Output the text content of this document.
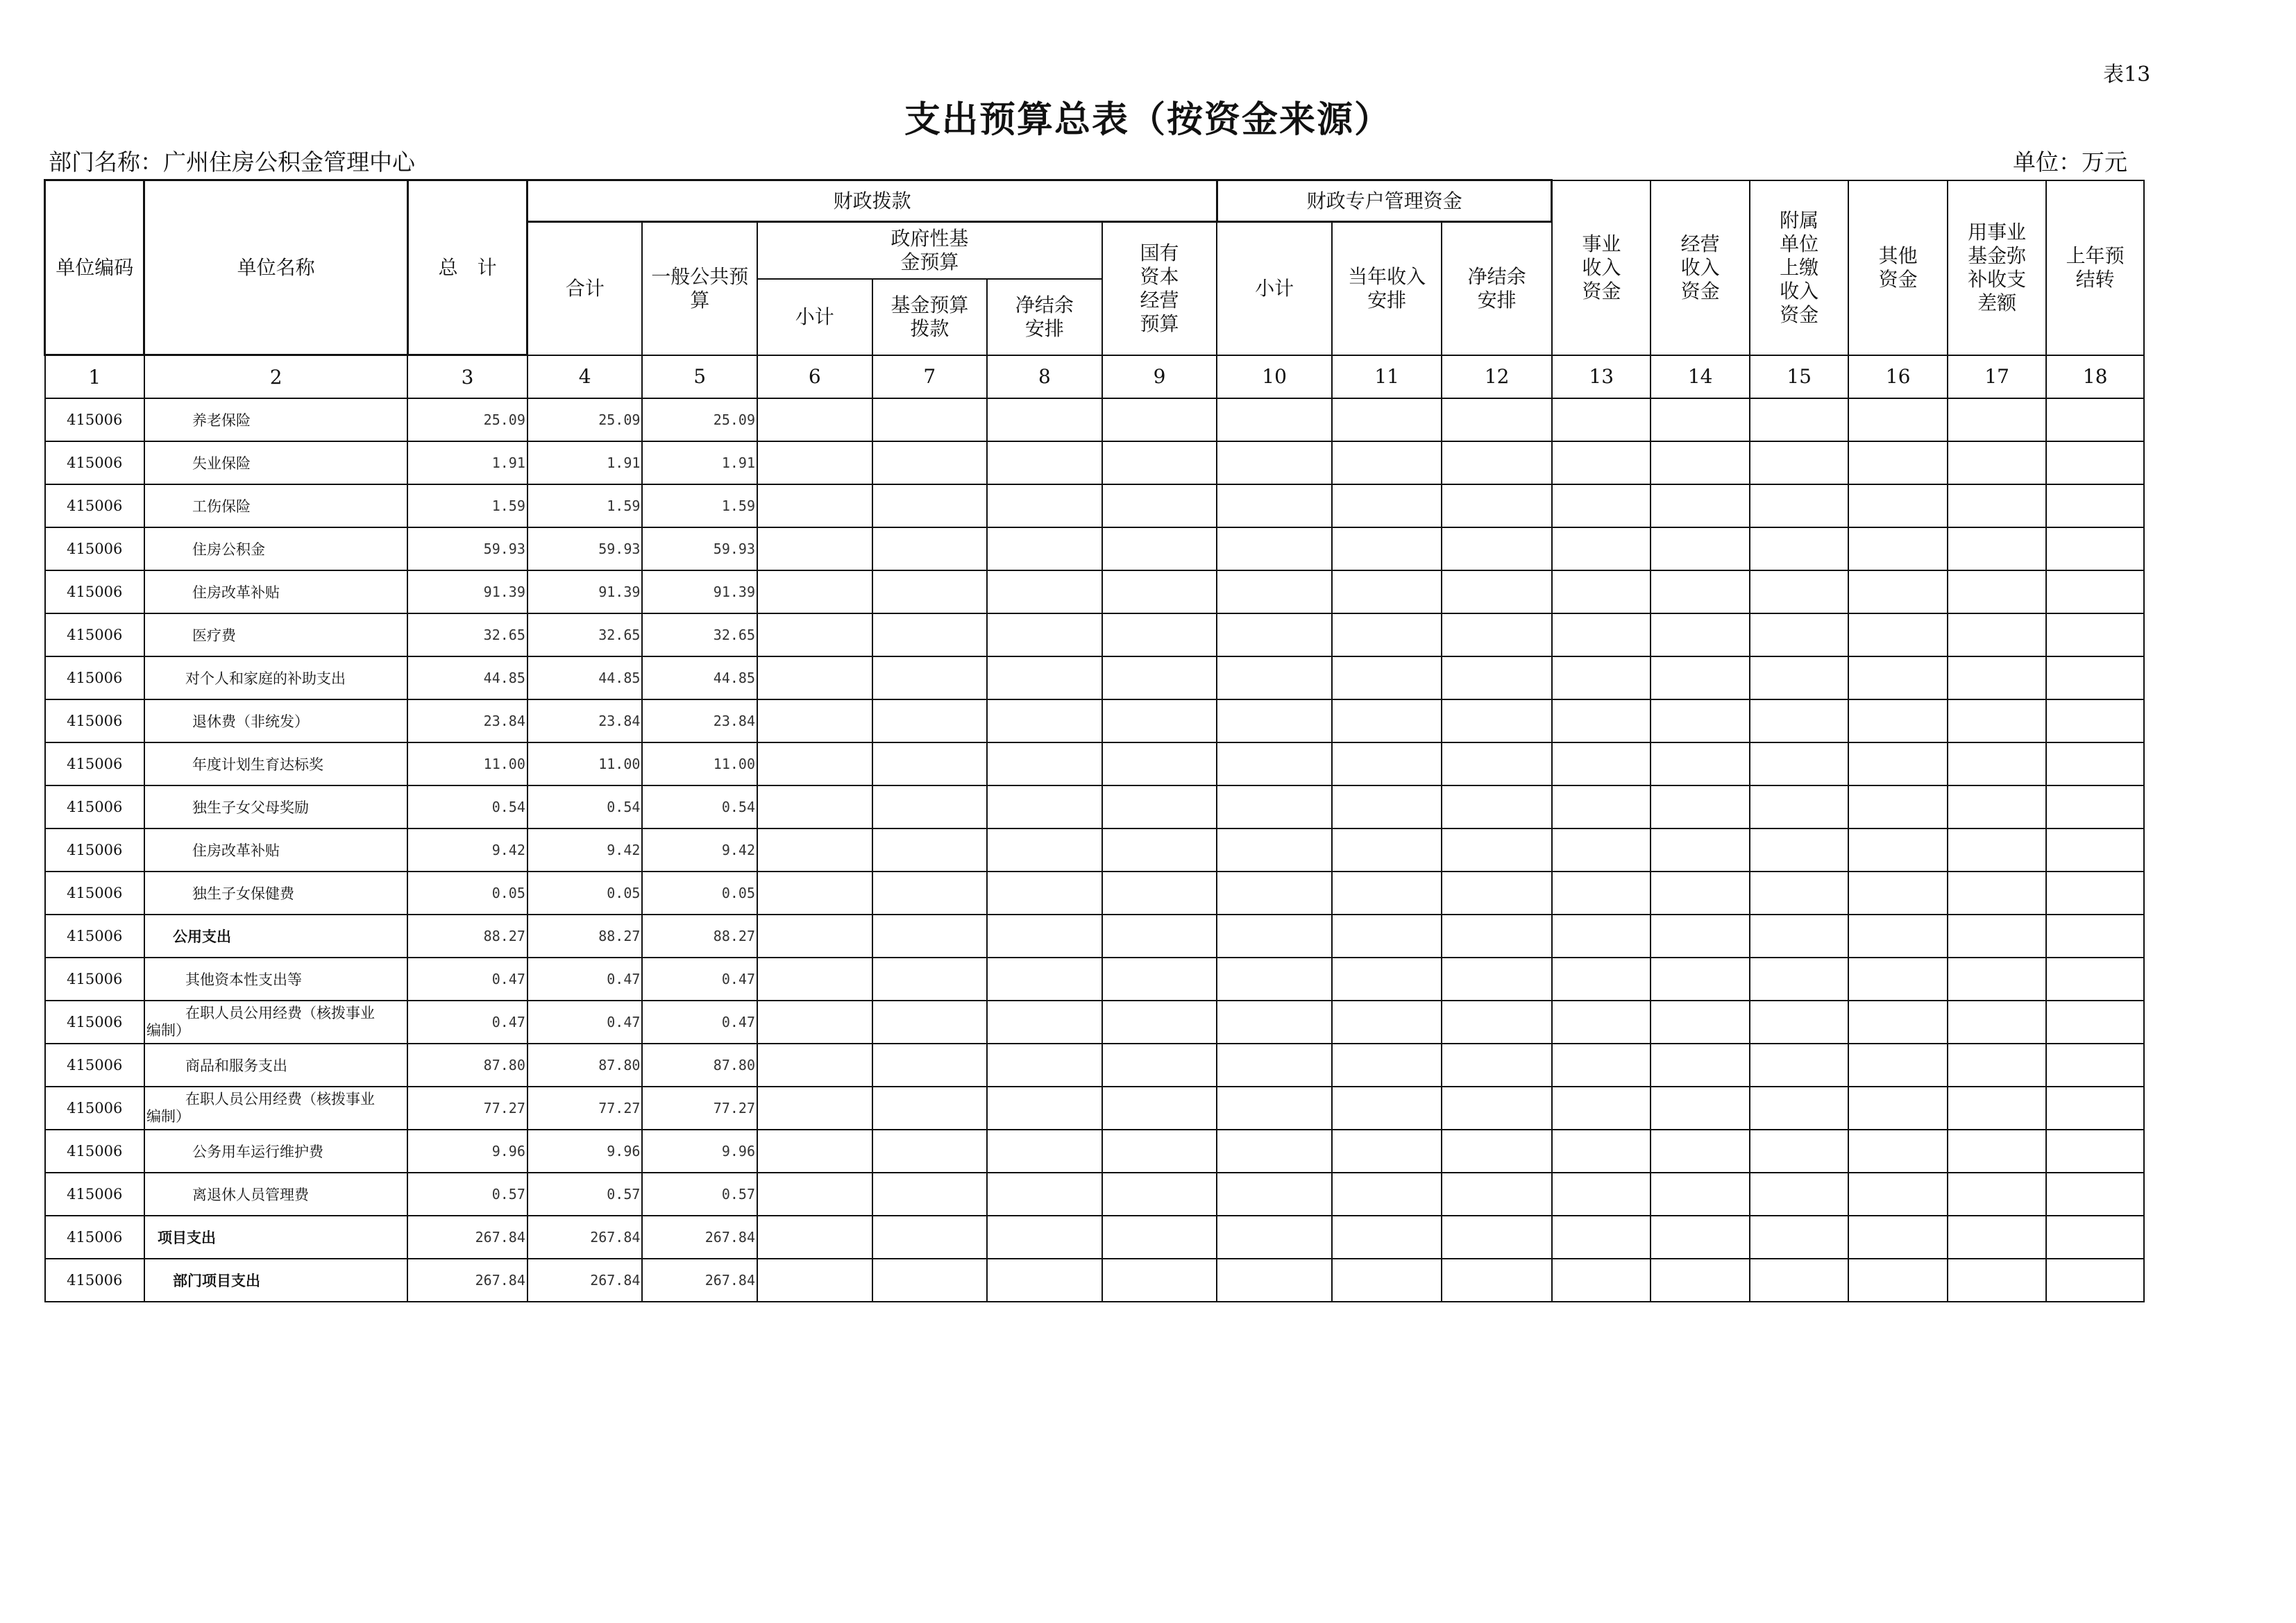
表13
支出预算总表（按资金来源）
部门名称：广州住房公积金管理中心	单位：万元
单位编码	单位名称	总　计	财政拨款						财政专户管理资金			事业收入资金	经营收入资金	附属单位上缴收入资金	其他资金	用事业基金弥补收支差额	上年预结转

			合计	一般公共预算	政府性基金预算			国有资本经营预算	小计	当年收入安排	净结余安排						

					小计	基金预算拨款	净结余安排										

1	2	3	4	5	6	7	8	9	10	11	12	13	14	15	16	17	18
415006	养老保险	25.09	25.09	25.09													
415006	失业保险	1.91	1.91	1.91													
415006	工伤保险	1.59	1.59	1.59													
415006	住房公积金	59.93	59.93	59.93													
415006	住房改革补贴	91.39	91.39	91.39													
415006	医疗费	32.65	32.65	32.65													
415006	对个人和家庭的补助支出	44.85	44.85	44.85													
415006	退休费（非统发）	23.84	23.84	23.84													
415006	年度计划生育达标奖	11.00	11.00	11.00													
415006	独生子女父母奖励	0.54	0.54	0.54													
415006	住房改革补贴	9.42	9.42	9.42													
415006	独生子女保健费	0.05	0.05	0.05													
415006	公用支出	88.27	88.27	88.27													
415006	其他资本性支出等	0.47	0.47	0.47													
415006	在职人员公用经费（核拨事业
编制）	0.47	0.47	0.47													
415006	商品和服务支出	87.80	87.80	87.80													
415006	在职人员公用经费（核拨事业
编制）	77.27	77.27	77.27													
415006	公务用车运行维护费	9.96	9.96	9.96													
415006	离退休人员管理费	0.57	0.57	0.57													
415006	项目支出	267.84	267.84	267.84													
415006	部门项目支出	267.84	267.84	267.84													
